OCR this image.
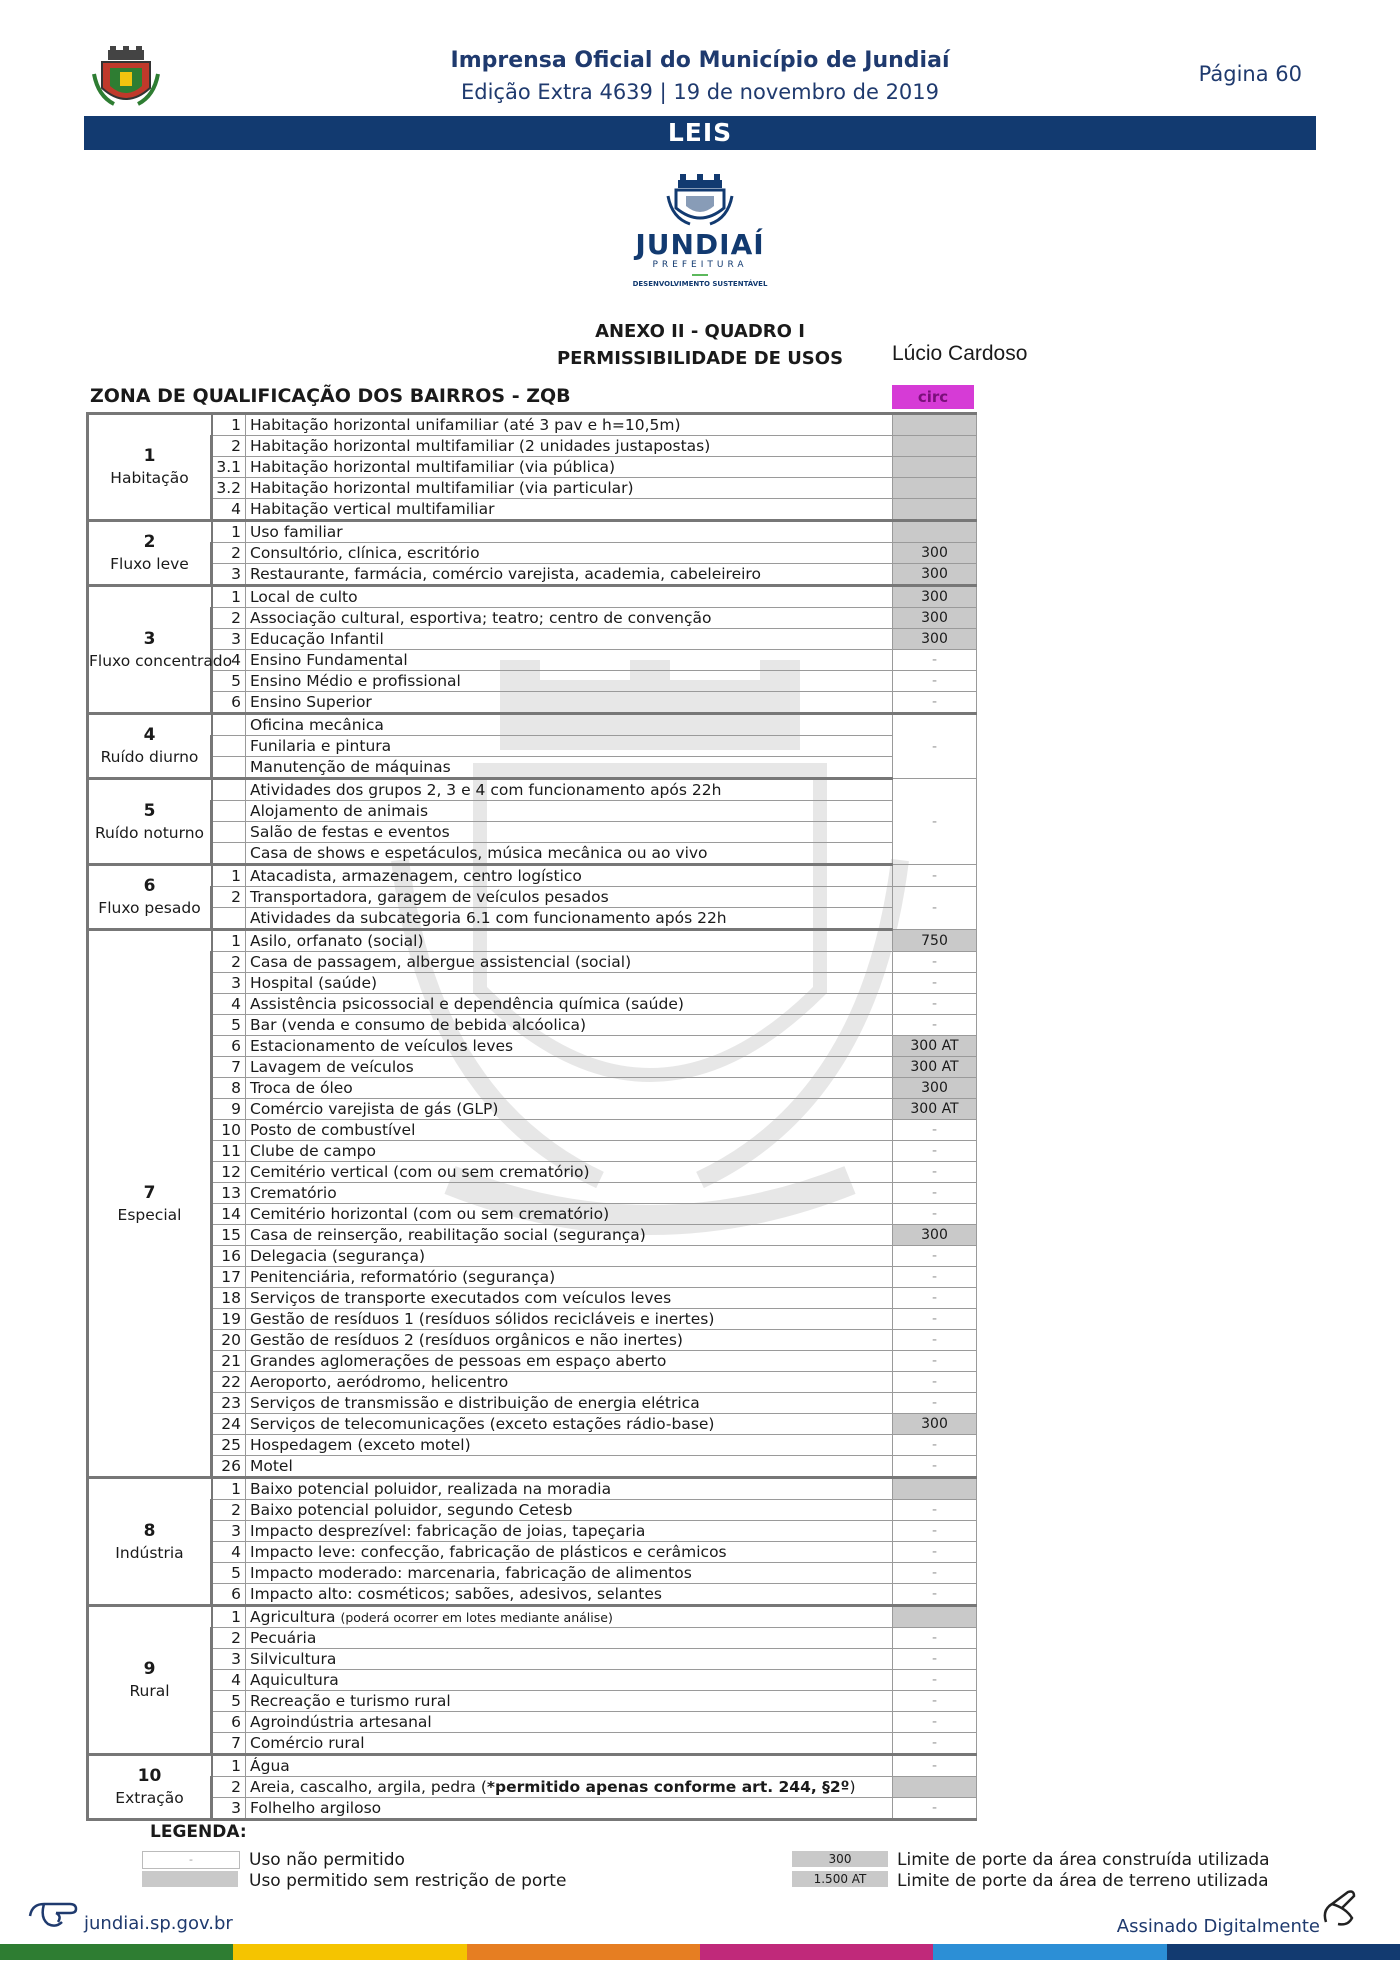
Imprensa Oficial do Município de Jundiaí
Edição Extra 4639 | 19 de novembro de 2019
Página 60
LEIS
JUNDIAÍ
PREFEITURA
DESENVOLVIMENTO SUSTENTÁVEL
ANEXO II - QUADRO I
PERMISSIBILIDADE DE USOS	Lúcio Cardoso
ZONA DE QUALIFICAÇÃO DOS BAIRROS - ZQB	circ
1
Habitação	1	Habitação horizontal unifamiliar (até 3 pav e h=10,5m)	
	2	Habitação horizontal multifamiliar (2 unidades justapostas)	
	3.1	Habitação horizontal multifamiliar (via pública)	
	3.2	Habitação horizontal multifamiliar (via particular)	
	4	Habitação vertical multifamiliar	
2
Fluxo leve	1	Uso familiar	
	2	Consultório, clínica, escritório	300
	3	Restaurante, farmácia, comércio varejista, academia, cabeleireiro	300
3
Fluxo concentrado	1	Local de culto	300
	2	Associação cultural, esportiva; teatro; centro de convenção	300
	3	Educação Infantil	300
	4	Ensino Fundamental	-
	5	Ensino Médio e profissional	-
	6	Ensino Superior	-
4
Ruído diurno		Oficina mecânica	-
		Funilaria e pintura	
		Manutenção de máquinas	
5
Ruído noturno		Atividades dos grupos 2, 3 e 4 com funcionamento após 22h	-
		Alojamento de animais	
		Salão de festas e eventos	
		Casa de shows e espetáculos, música mecânica ou ao vivo	
6
Fluxo pesado	1	Atacadista, armazenagem, centro logístico	-
	2	Transportadora, garagem de veículos pesados	-
		Atividades da subcategoria 6.1 com funcionamento após 22h	
7
Especial	1	Asilo, orfanato (social)	750
	2	Casa de passagem, albergue assistencial (social)	-
	3	Hospital (saúde)	-
	4	Assistência psicossocial e dependência química (saúde)	-
	5	Bar (venda e consumo de bebida alcóolica)	-
	6	Estacionamento de veículos leves	300 AT
	7	Lavagem de veículos	300 AT
	8	Troca de óleo	300
	9	Comércio varejista de gás (GLP)	300 AT
	10	Posto de combustível	-
	11	Clube de campo	-
	12	Cemitério vertical (com ou sem crematório)	-
	13	Crematório	-
	14	Cemitério horizontal (com ou sem crematório)	-
	15	Casa de reinserção, reabilitação social (segurança)	300
	16	Delegacia (segurança)	-
	17	Penitenciária, reformatório (segurança)	-
	18	Serviços de transporte executados com veículos leves	-
	19	Gestão de resíduos 1 (resíduos sólidos recicláveis e inertes)	-
	20	Gestão de resíduos 2 (resíduos orgânicos e não inertes)	-
	21	Grandes aglomerações de pessoas em espaço aberto	-
	22	Aeroporto, aeródromo, helicentro	-
	23	Serviços de transmissão e distribuição de energia elétrica	-
	24	Serviços de telecomunicações (exceto estações rádio-base)	300
	25	Hospedagem (exceto motel)	-
	26	Motel	-
8
Indústria	1	Baixo potencial poluidor, realizada na moradia	
	2	Baixo potencial poluidor, segundo Cetesb	-
	3	Impacto desprezível: fabricação de joias, tapeçaria	-
	4	Impacto leve: confecção, fabricação de plásticos e cerâmicos	-
	5	Impacto moderado: marcenaria, fabricação de alimentos	-
	6	Impacto alto: cosméticos; sabões, adesivos, selantes	-
9
Rural	1	Agricultura (poderá ocorrer em lotes mediante análise)	
	2	Pecuária	-
	3	Silvicultura	-
	4	Aquicultura	-
	5	Recreação e turismo rural	-
	6	Agroindústria artesanal	-
	7	Comércio rural	-
10
Extração	1	Água	-
	2	Areia, cascalho, argila, pedra (*permitido apenas conforme art. 244, §2º)	
	3	Folhelho argiloso	-
LEGENDA:
-	Uso não permitido
Uso permitido sem restrição de porte
300	Limite de porte da área construída utilizada
1.500 AT	Limite de porte da área de terreno utilizada
jundiai.sp.gov.br	Assinado Digitalmente
